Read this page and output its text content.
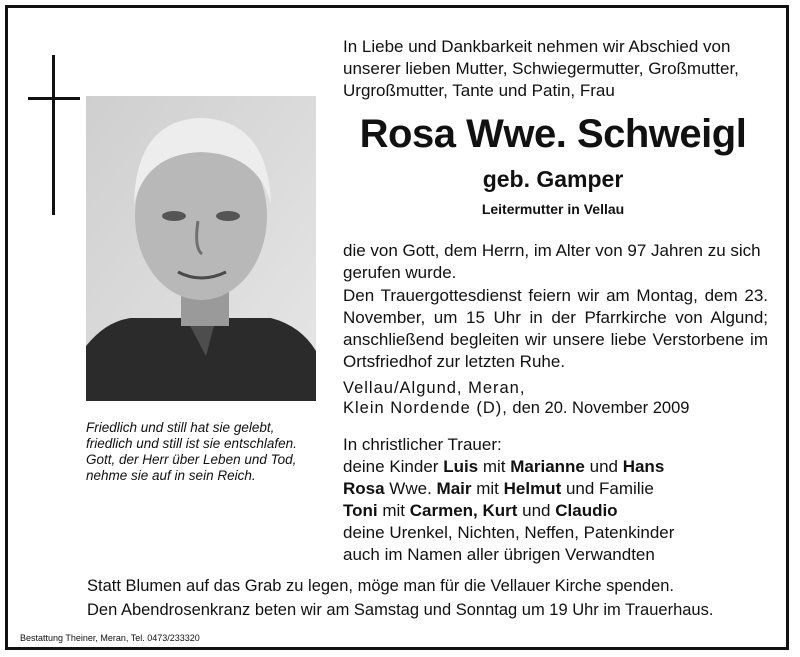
Friedlich und still hat sie gelebt,
friedlich und still ist sie entschlafen.
Gott, der Herr über Leben und Tod,
nehme sie auf in sein Reich.
In Liebe und Dankbarkeit nehmen wir Abschied von
unserer lieben Mutter, Schwiegermutter, Großmutter,
Urgroßmutter, Tante und Patin, Frau
Rosa Wwe. Schweigl
geb. Gamper
Leitermutter in Vellau
die von Gott, dem Herrn, im Alter von 97 Jahren zu sich gerufen wurde.
Den Trauergottesdienst feiern wir am Montag, dem 23. November, um 15 Uhr in der Pfarrkirche von Algund; anschließend begleiten wir unsere liebe Verstorbene im Ortsfriedhof zur letzten Ruhe.
Vellau/Algund, Meran,
Klein Nordende (D), den 20. November 2009
In christlicher Trauer:
deine Kinder Luis mit Marianne und Hans
Rosa Wwe. Mair mit Helmut und Familie
Toni mit Carmen, Kurt und Claudio
deine Urenkel, Nichten, Neffen, Patenkinder
auch im Namen aller übrigen Verwandten
Statt Blumen auf das Grab zu legen, möge man für die Vellauer Kirche spenden.
Den Abendrosenkranz beten wir am Samstag und Sonntag um 19 Uhr im Trauerhaus.
Bestattung Theiner, Meran, Tel. 0473/233320
